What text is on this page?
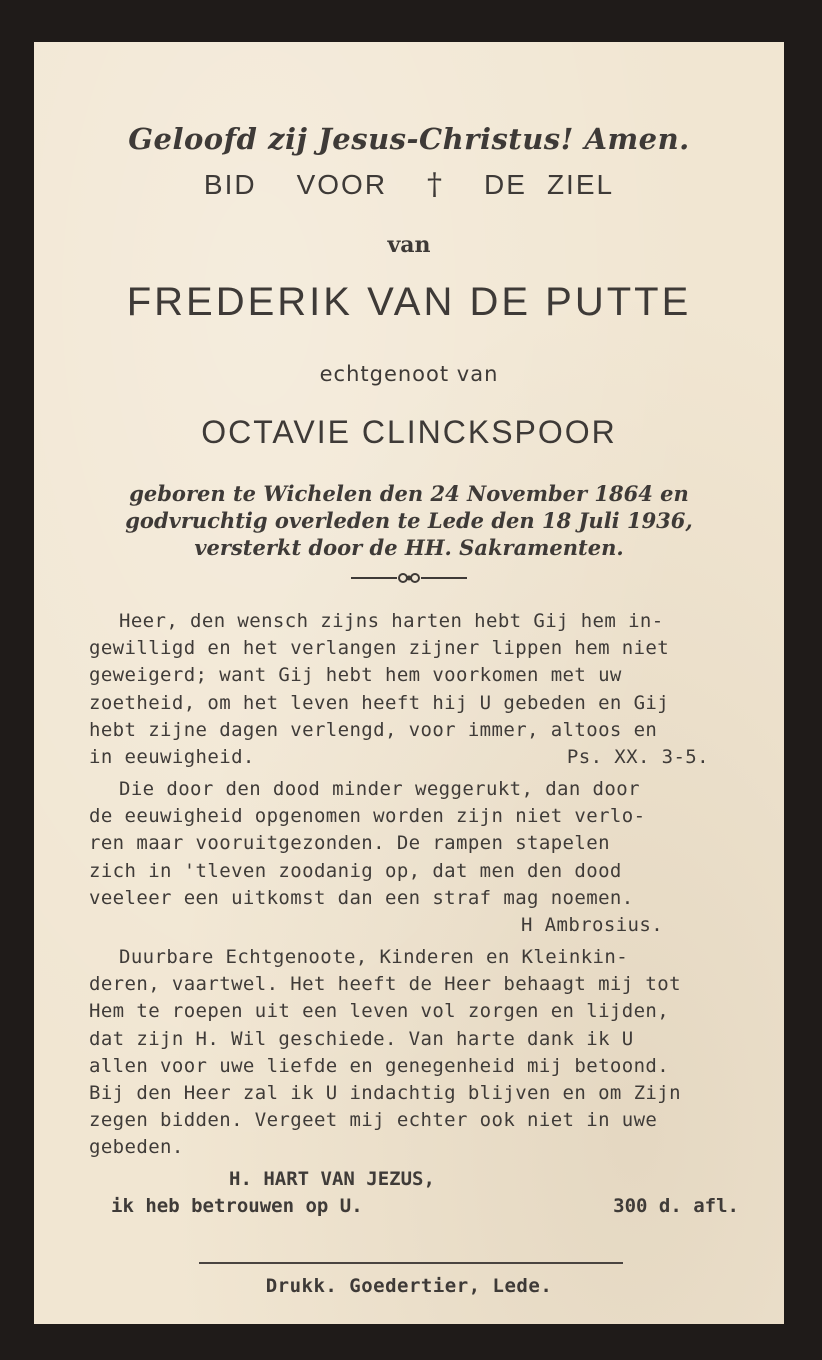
Geloofd zij Jesus-Christus! Amen.
BID VOOR † DE ZIEL
van
FREDERIK VAN DE PUTTE
echtgenoot van
OCTAVIE CLINCKSPOOR
geboren te Wichelen den 24 November 1864 en
godvruchtig overleden te Lede den 18 Juli 1936,
versterkt door de HH. Sakramenten.
Heer, den wensch zijns harten hebt Gij hem in-
gewilligd en het verlangen zijner lippen hem niet
geweigerd; want Gij hebt hem voorkomen met uw
zoetheid, om het leven heeft hij U gebeden en Gij
hebt zijne dagen verlengd, voor immer, altoos en
in eeuwigheid.	Ps. XX. 3-5.
Die door den dood minder weggerukt, dan door
de eeuwigheid opgenomen worden zijn niet verlo-
ren maar vooruitgezonden. De rampen stapelen
zich in 'tleven zoodanig op, dat men den dood
veeleer een uitkomst dan een straf mag noemen.
H Ambrosius.
Duurbare Echtgenoote, Kinderen en Kleinkin-
deren, vaartwel. Het heeft de Heer behaagt mij tot
Hem te roepen uit een leven vol zorgen en lijden,
dat zijn H. Wil geschiede. Van harte dank ik U
allen voor uwe liefde en genegenheid mij betoond.
Bij den Heer zal ik U indachtig blijven en om Zijn
zegen bidden. Vergeet mij echter ook niet in uwe
gebeden.
H. HART VAN JEZUS,
ik heb betrouwen op U.	300 d. afl.
Drukk. Goedertier, Lede.
